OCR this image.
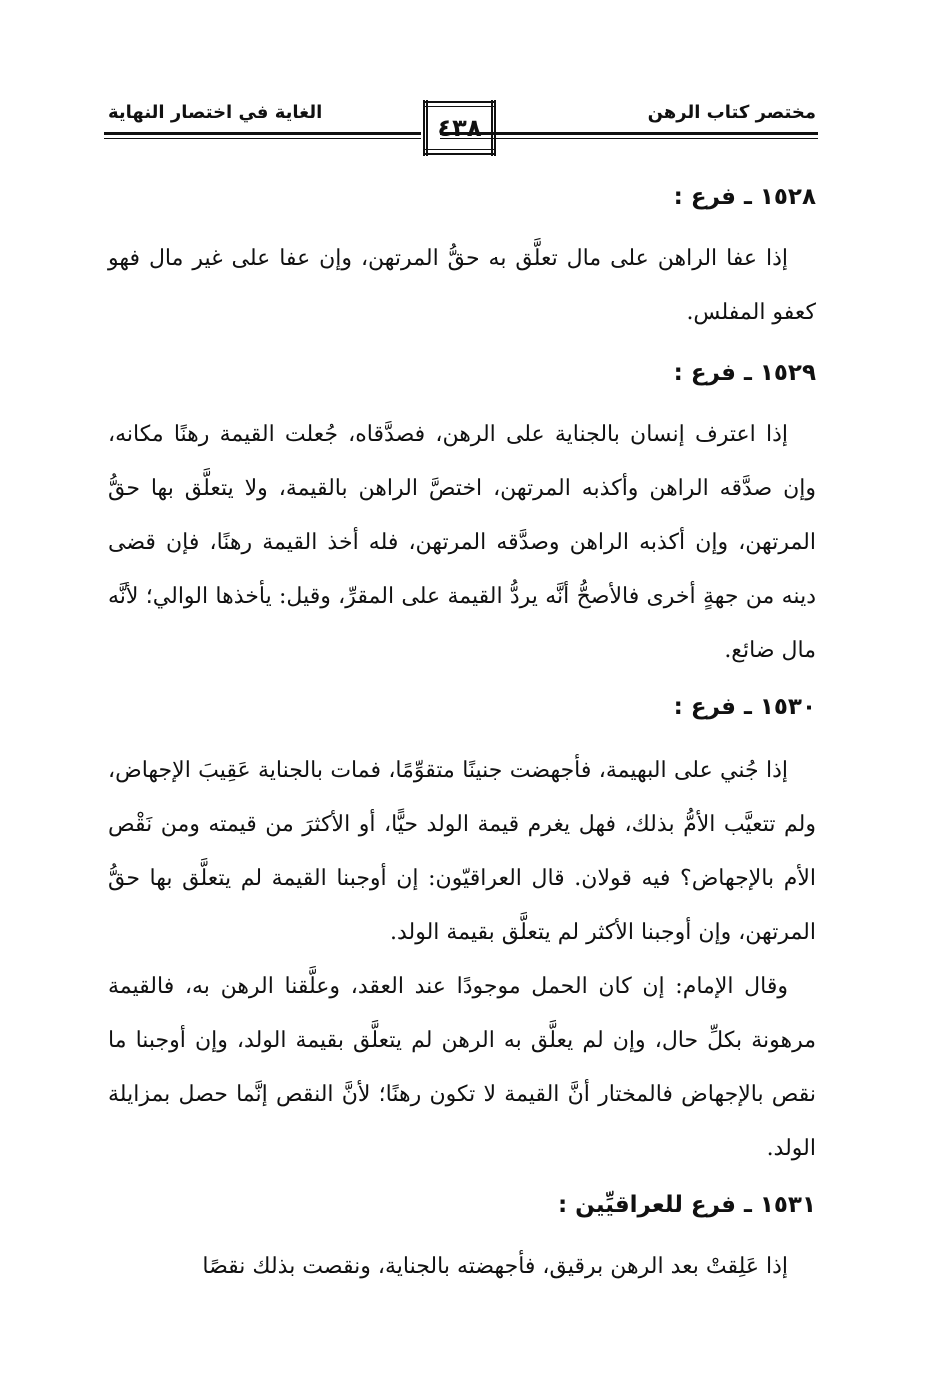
مختصر كتاب الرهن
الغاية في اختصار النهاية
٤٣٨
١٥٢٨ ـ فرع :

إذا عفا الراهن على مال تعلَّق به حقُّ المرتهن، وإن عفا على غير مال فهو كعفو المفلس.

١٥٢٩ ـ فرع :

إذا اعترف إنسان بالجناية على الرهن، فصدَّقاه، جُعلت القيمة رهنًا مكانه، وإن صدَّقه الراهن وأكذبه المرتهن، اختصَّ الراهن بالقيمة، ولا يتعلَّق بها حقُّ المرتهن، وإن أكذبه الراهن وصدَّقه المرتهن، فله أخذ القيمة رهنًا، فإن قضى دينه من جهةٍ أخرى فالأصحُّ أنَّه يردُّ القيمة على المقرِّ، وقيل: يأخذها الوالي؛ لأنَّه مال ضائع.

١٥٣٠ ـ فرع :

إذا جُني على البهيمة، فأجهضت جنينًا متقوِّمًا، فمات بالجناية عَقِيبَ الإجهاض، ولم تتعيَّب الأمُّ بذلك، فهل يغرم قيمة الولد حيًّا، أو الأكثرَ من قيمته ومن نَقْص الأم بالإجهاض؟ فيه قولان. قال العراقيّون: إن أوجبنا القيمة لم يتعلَّق بها حقُّ المرتهن، وإن أوجبنا الأكثر لم يتعلَّق بقيمة الولد.

وقال الإمام: إن كان الحمل موجودًا عند العقد، وعلَّقنا الرهن به، فالقيمة مرهونة بكلِّ حال، وإن لم يعلَّق به الرهن لم يتعلَّق بقيمة الولد، وإن أوجبنا ما نقص بالإجهاض فالمختار أنَّ القيمة لا تكون رهنًا؛ لأنَّ النقص إنَّما حصل بمزايلة الولد.

١٥٣١ ـ فرع للعراقيِّين :

إذا عَلِقتْ بعد الرهن برقيق، فأجهضته بالجناية، ونقصت بذلك نقصًا
